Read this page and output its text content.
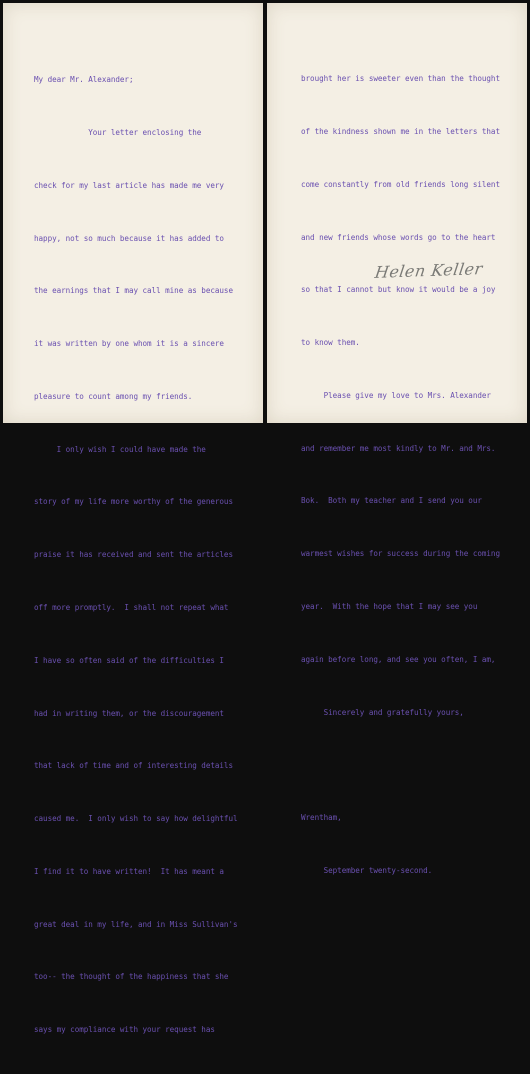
My dear Mr. Alexander;

Your letter enclosing the

check for my last article has made me very

happy, not so much because it has added to

the earnings that I may call mine as because

it was written by one whom it is a sincere

pleasure to count among my friends.

I only wish I could have made the

story of my life more worthy of the generous

praise it has received and sent the articles

off more promptly.  I shall not repeat what

I have so often said of the difficulties I

had in writing them, or the discouragement

that lack of time and of interesting details

caused me.  I only wish to say how delightful

I find it to have written!  It has meant a

great deal in my life, and in Miss Sullivan's

too-- the thought of the happiness that she

says my compliance with your request has

brought her is sweeter even than the thought

of the kindness shown me in the letters that

come constantly from old friends long silent

and new friends whose words go to the heart

so that I cannot but know it would be a joy

to know them.

Please give my love to Mrs. Alexander

and remember me most kindly to Mr. and Mrs.

Bok.  Both my teacher and I send you our

warmest wishes for success during the coming

year.  With the hope that I may see you

again before long, and see you often, I am,

Sincerely and gratefully yours,

Wrentham,

September twenty-second.

Helen Keller
